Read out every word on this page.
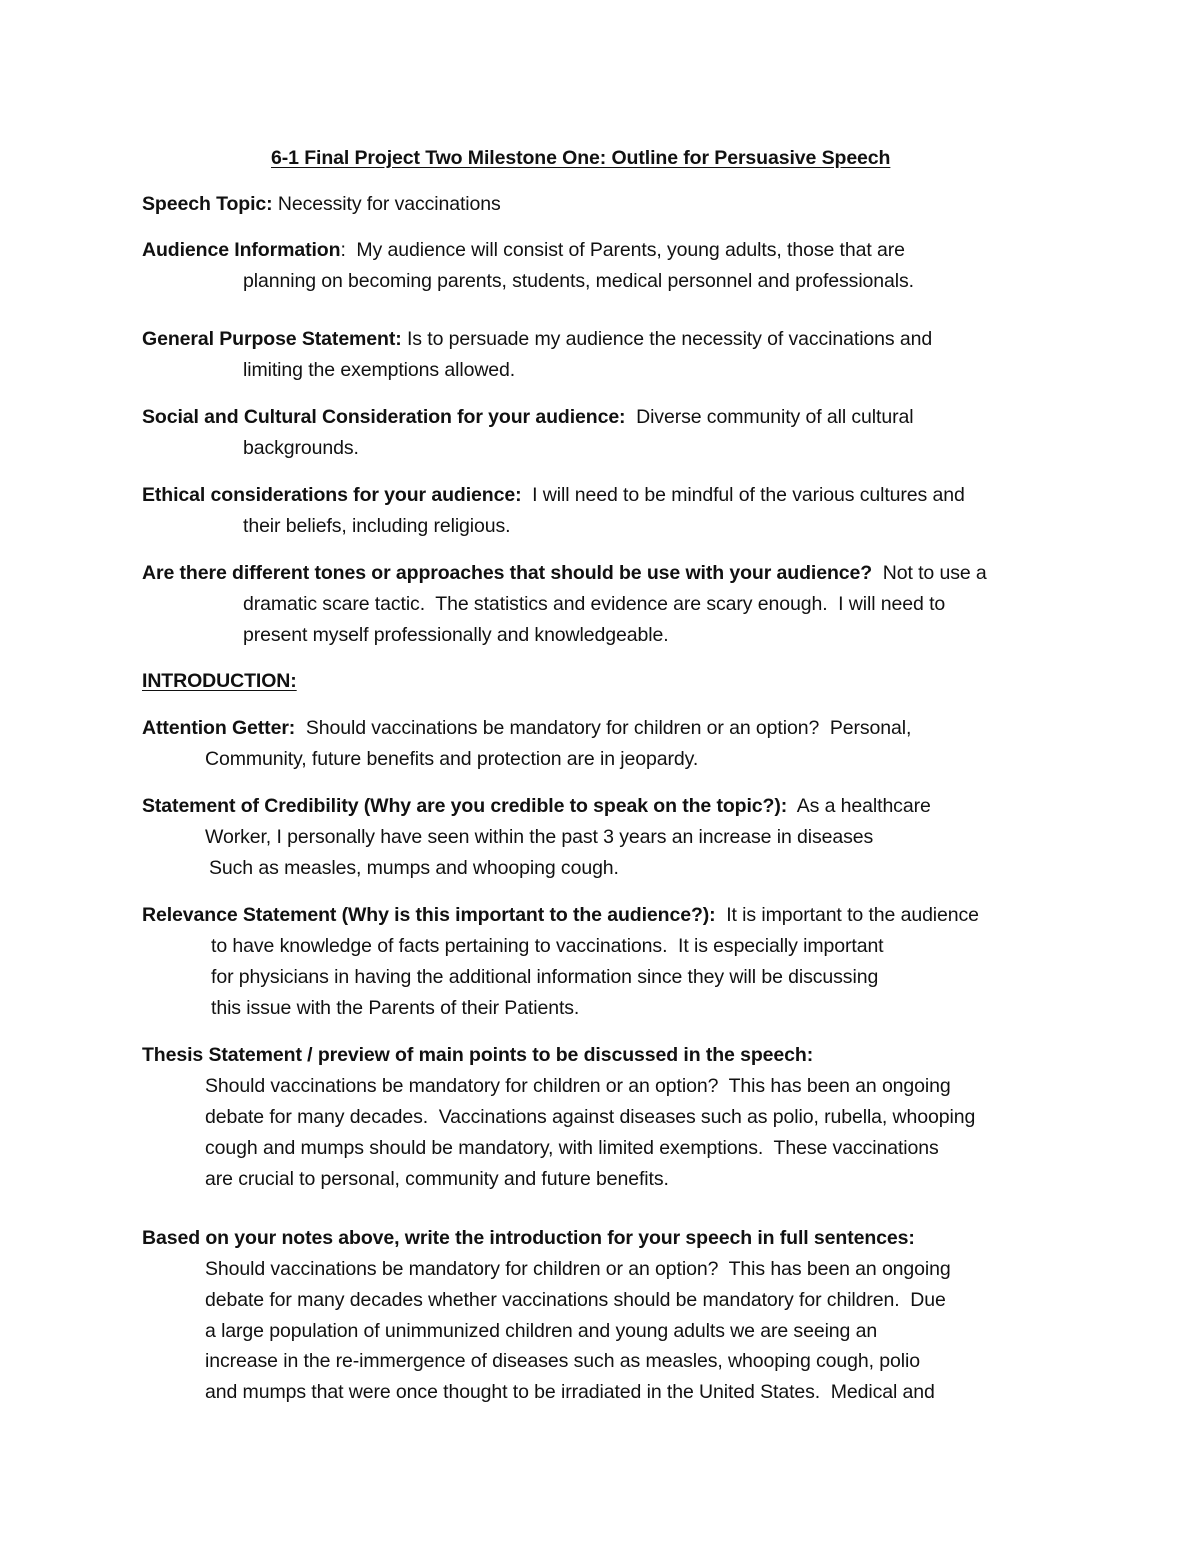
6-1 Final Project Two Milestone One: Outline for Persuasive Speech
Speech Topic: Necessity for vaccinations
Audience Information:  My audience will consist of Parents, young adults, those that are
planning on becoming parents, students, medical personnel and professionals.
General Purpose Statement: Is to persuade my audience the necessity of vaccinations and
limiting the exemptions allowed.
Social and Cultural Consideration for your audience:  Diverse community of all cultural
backgrounds.
Ethical considerations for your audience:  I will need to be mindful of the various cultures and
their beliefs, including religious.
Are there different tones or approaches that should be use with your audience?  Not to use a
dramatic scare tactic.  The statistics and evidence are scary enough.  I will need to
present myself professionally and knowledgeable.
INTRODUCTION:
Attention Getter:  Should vaccinations be mandatory for children or an option?  Personal,
Community, future benefits and protection are in jeopardy.
Statement of Credibility (Why are you credible to speak on the topic?):  As a healthcare
Worker, I personally have seen within the past 3 years an increase in diseases
Such as measles, mumps and whooping cough.
Relevance Statement (Why is this important to the audience?):  It is important to the audience
to have knowledge of facts pertaining to vaccinations.  It is especially important
for physicians in having the additional information since they will be discussing
this issue with the Parents of their Patients.
Thesis Statement / preview of main points to be discussed in the speech:
Should vaccinations be mandatory for children or an option?  This has been an ongoing
debate for many decades.  Vaccinations against diseases such as polio, rubella, whooping
cough and mumps should be mandatory, with limited exemptions.  These vaccinations
are crucial to personal, community and future benefits.
Based on your notes above, write the introduction for your speech in full sentences:
Should vaccinations be mandatory for children or an option?  This has been an ongoing
debate for many decades whether vaccinations should be mandatory for children.  Due
a large population of unimmunized children and young adults we are seeing an
increase in the re-immergence of diseases such as measles, whooping cough, polio
and mumps that were once thought to be irradiated in the United States.  Medical and
